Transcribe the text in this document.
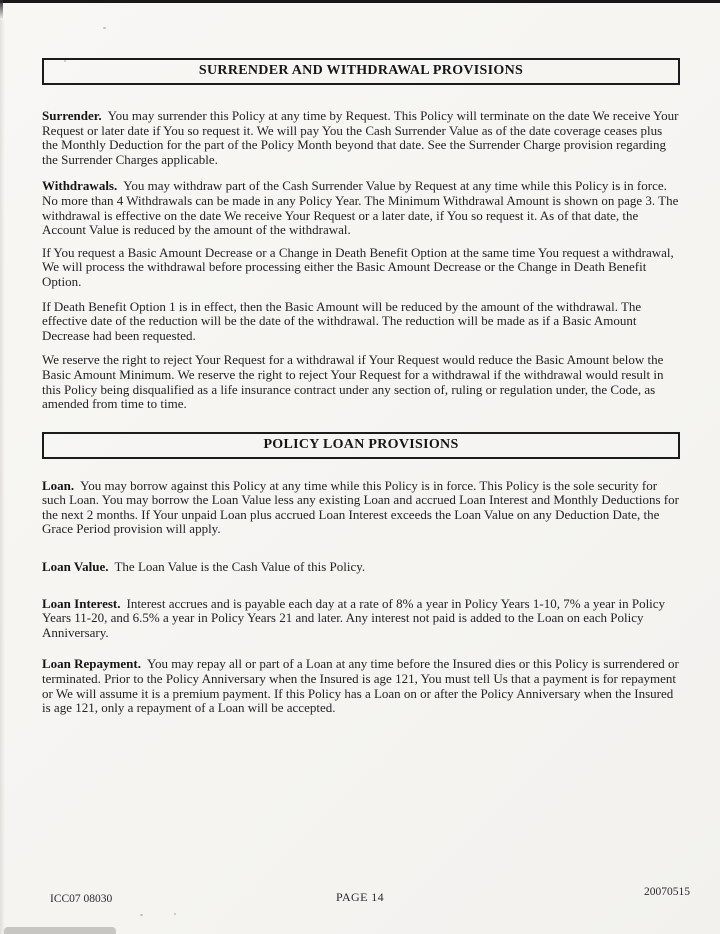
SURRENDER AND WITHDRAWAL PROVISIONS

Surrender. You may surrender this Policy at any time by Request. This Policy will terminate on the date We receive Your Request or later date if You so request it. We will pay You the Cash Surrender Value as of the date coverage ceases plus the Monthly Deduction for the part of the Policy Month beyond that date. See the Surrender Charge provision regarding the Surrender Charges applicable.

Withdrawals. You may withdraw part of the Cash Surrender Value by Request at any time while this Policy is in force. No more than 4 Withdrawals can be made in any Policy Year. The Minimum Withdrawal Amount is shown on page 3. The withdrawal is effective on the date We receive Your Request or a later date, if You so request it. As of that date, the Account Value is reduced by the amount of the withdrawal.

If You request a Basic Amount Decrease or a Change in Death Benefit Option at the same time You request a withdrawal, We will process the withdrawal before processing either the Basic Amount Decrease or the Change in Death Benefit Option.

If Death Benefit Option 1 is in effect, then the Basic Amount will be reduced by the amount of the withdrawal. The effective date of the reduction will be the date of the withdrawal. The reduction will be made as if a Basic Amount Decrease had been requested.

We reserve the right to reject Your Request for a withdrawal if Your Request would reduce the Basic Amount below the Basic Amount Minimum. We reserve the right to reject Your Request for a withdrawal if the withdrawal would result in this Policy being disqualified as a life insurance contract under any section of, ruling or regulation under, the Code, as amended from time to time.

POLICY LOAN PROVISIONS

Loan. You may borrow against this Policy at any time while this Policy is in force. This Policy is the sole security for such Loan. You may borrow the Loan Value less any existing Loan and accrued Loan Interest and Monthly Deductions for the next 2 months. If Your unpaid Loan plus accrued Loan Interest exceeds the Loan Value on any Deduction Date, the Grace Period provision will apply.

Loan Value. The Loan Value is the Cash Value of this Policy.

Loan Interest. Interest accrues and is payable each day at a rate of 8% a year in Policy Years 1-10, 7% a year in Policy Years 11-20, and 6.5% a year in Policy Years 21 and later. Any interest not paid is added to the Loan on each Policy Anniversary.

Loan Repayment. You may repay all or part of a Loan at any time before the Insured dies or this Policy is surrendered or terminated. Prior to the Policy Anniversary when the Insured is age 121, You must tell Us that a payment is for repayment or We will assume it is a premium payment. If this Policy has a Loan on or after the Policy Anniversary when the Insured is age 121, only a repayment of a Loan will be accepted.

ICC07 08030	PAGE 14	20070515
